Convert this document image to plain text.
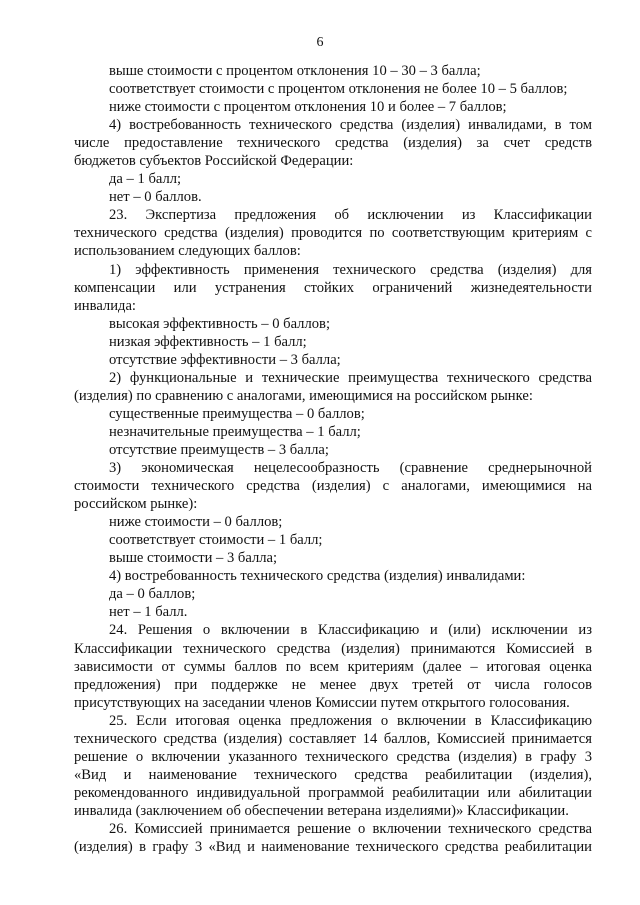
6
выше стоимости с процентом отклонения 10 – 30 – 3 балла;
соответствует стоимости с процентом отклонения не более 10 – 5 баллов;
ниже стоимости с процентом отклонения 10 и более – 7 баллов;
4) востребованность технического средства (изделия) инвалидами, в том
числе предоставление технического средства (изделия) за счет средств
бюджетов субъектов Российской Федерации:
да – 1 балл;
нет – 0 баллов.
23. Экспертиза предложения об исключении из Классификации
технического средства (изделия) проводится по соответствующим критериям с
использованием следующих баллов:
1) эффективность применения технического средства (изделия) для
компенсации или устранения стойких ограничений жизнедеятельности
инвалида:
высокая эффективность – 0 баллов;
низкая эффективность – 1 балл;
отсутствие эффективности – 3 балла;
2) функциональные и технические преимущества технического средства
(изделия) по сравнению с аналогами, имеющимися на российском рынке:
существенные преимущества – 0 баллов;
незначительные преимущества – 1 балл;
отсутствие преимуществ – 3 балла;
3) экономическая нецелесообразность (сравнение среднерыночной
стоимости технического средства (изделия) с аналогами, имеющимися на
российском рынке):
ниже стоимости – 0 баллов;
соответствует стоимости – 1 балл;
выше стоимости – 3 балла;
4) востребованность технического средства (изделия) инвалидами:
да – 0 баллов;
нет – 1 балл.
24. Решения о включении в Классификацию и (или) исключении из
Классификации технического средства (изделия) принимаются Комиссией в
зависимости от суммы баллов по всем критериям (далее – итоговая оценка
предложения) при поддержке не менее двух третей от числа голосов
присутствующих на заседании членов Комиссии путем открытого голосования.
25. Если итоговая оценка предложения о включении в Классификацию
технического средства (изделия) составляет 14 баллов, Комиссией принимается
решение о включении указанного технического средства (изделия) в графу 3
«Вид и наименование технического средства реабилитации (изделия),
рекомендованного индивидуальной программой реабилитации или абилитации
инвалида (заключением об обеспечении ветерана изделиями)» Классификации.
26. Комиссией принимается решение о включении технического средства
(изделия) в графу 3 «Вид и наименование технического средства реабилитации
